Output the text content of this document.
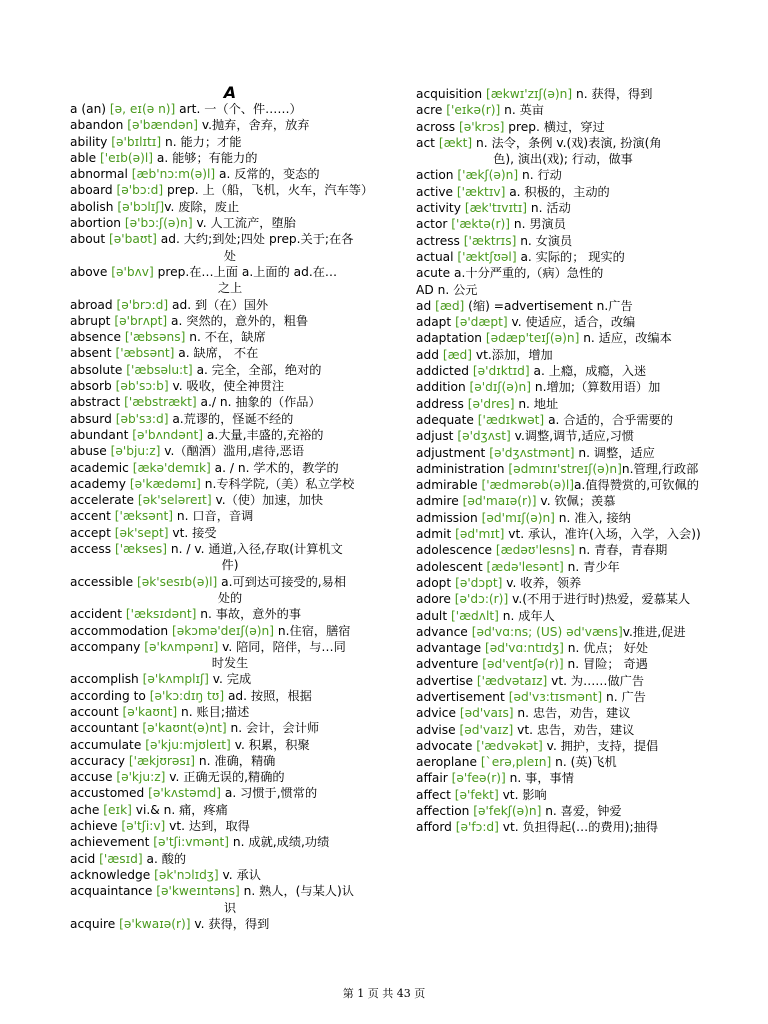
A
a (an) [ə, eɪ(ə n)] art. 一（个、件……）
abandon [ə'bændən] v.抛弃，舍弃，放弃
ability [ə'bɪlɪtɪ] n. 能力；才能
able ['eɪb(ə)l] a. 能够；有能力的
abnormal [æb'nɔ:m(ə)l] a. 反常的，变态的
aboard [ə'bɔ:d] prep. 上（船，飞机，火车，汽车等）
abolish [ə'bɔlɪʃ]v. 废除，废止
abortion [ə'bɔ:ʃ(ə)n] v. 人工流产，堕胎
about [ə'baʊt] ad. 大约;到处;四处 prep.关于;在各
处
above [ə'bʌv] prep.在…上面 a.上面的 ad.在…
之上
abroad [ə'brɔ:d] ad. 到（在）国外
abrupt [ə'brʌpt] a. 突然的，意外的，粗鲁
absence ['æbsəns] n. 不在，缺席
absent ['æbsənt] a. 缺席， 不在
absolute ['æbsəlu:t] a. 完全，全部，绝对的
absorb [əb'sɔ:b] v. 吸收，使全神贯注
abstract ['æbstrækt] a./ n. 抽象的（作品）
absurd [əb'sɜ:d] a.荒谬的，怪诞不经的
abundant [ə'bʌndənt] a.大量,丰盛的,充裕的
abuse [ə'bju:z] v.（酗酒）滥用,虐待,恶语
academic [ækə'demɪk] a. / n. 学术的，教学的
academy [ə'kædəmɪ] n.专科学院,（美）私立学校
accelerate [ək'seləreɪt] v.（使）加速，加快
accent ['æksənt] n. 口音，音调
accept [ək'sept] vt. 接受
access ['ækses] n. / v. 通道,入径,存取(计算机文
件)
accessible [ək'sesɪb(ə)l] a.可到达可接受的,易相
处的
accident ['æksɪdənt] n. 事故，意外的事
accommodation [əkɔmə'deɪʃ(ə)n] n.住宿，膳宿
accompany [ə'kʌmpənɪ] v. 陪同，陪伴，与…同
时发生
accomplish [ə'kʌmplɪʃ] v. 完成
according to [ə'kɔ:dɪŋ tʊ] ad. 按照，根据
account [ə'kaʊnt] n. 账目;描述
accountant [ə'kaʊnt(ə)nt] n. 会计，会计师
accumulate [ə'kju:mjʊleɪt] v. 积累，积聚
accuracy ['ækjʊrəsɪ] n. 准确，精确
accuse [ə'kju:z] v. 正确无误的,精确的
accustomed [ə'kʌstəmd] a. 习惯于,惯常的
ache [eɪk] vi.& n. 痛，疼痛
achieve [ə'tʃi:v] vt. 达到，取得
achievement [ə'tʃi:vmənt] n. 成就,成绩,功绩
acid ['æsɪd] a. 酸的
acknowledge [ək'nɔlɪdʒ] v. 承认
acquaintance [ə'kweɪntəns] n. 熟人，(与某人)认
识
acquire [ə'kwaɪə(r)] v. 获得，得到
acquisition [ækwɪ'zɪʃ(ə)n] n. 获得，得到
acre ['eɪkə(r)] n. 英亩
across [ə'krɔs] prep. 横过，穿过
act [ækt] n. 法令，条例 v.(戏)表演, 扮演(角
色), 演出(戏); 行动，做事
action ['ækʃ(ə)n] n. 行动
active ['æktɪv] a. 积极的，主动的
activity [æk'tɪvɪtɪ] n. 活动
actor ['æktə(r)] n. 男演员
actress ['æktrɪs] n. 女演员
actual ['æktʃʊəl] a. 实际的； 现实的
acute a.十分严重的,（病）急性的
AD n. 公元
ad [æd] (缩) =advertisement n.广告
adapt [ə'dæpt] v. 使适应，适合，改编
adaptation [ədæp'teɪʃ(ə)n] n. 适应，改编本
add [æd] vt.添加，增加
addicted [ə'dɪktɪd] a. 上瘾，成瘾，入迷
addition [ə'dɪʃ(ə)n] n.增加;（算数用语）加
address [ə'dres] n. 地址
adequate ['ædɪkwət] a. 合适的，合乎需要的
adjust [ə'dʒʌst] v.调整,调节,适应,习惯
adjustment [ə'dʒʌstmənt] n. 调整，适应
administration [ədmɪnɪ'streɪʃ(ə)n]n.管理,行政部
admirable ['ædmərəb(ə)l]a.值得赞赏的,可钦佩的
admire [əd'maɪə(r)] v. 钦佩；羡慕
admission [əd'mɪʃ(ə)n] n. 准入, 接纳
admit [əd'mɪt] vt. 承认，准许(入场，入学，入会))
adolescence [ædəʊ'lesns] n. 青春，青春期
adolescent [ædə'lesənt] n. 青少年
adopt [ə'dɔpt] v. 收养，领养
adore [ə'dɔ:(r)] v.(不用于进行时)热爱，爱慕某人
adult ['ædʌlt] n. 成年人
advance [əd'vɑ:ns; (US) əd'væns]v.推进,促进
advantage [əd'vɑ:ntɪdʒ] n. 优点； 好处
adventure [əd'ventʃə(r)] n. 冒险； 奇遇
advertise ['ædvətaɪz] vt. 为……做广告
advertisement [əd'vɜ:tɪsmənt] n. 广告
advice [əd'vaɪs] n. 忠告，劝告，建议
advise [əd'vaɪz] vt. 忠告，劝告，建议
advocate ['ædvəkət] v. 拥护，支持，提倡
aeroplane [`erə,pleɪn] n. (英)飞机
affair [ə'feə(r)] n. 事，事情
affect [ə'fekt] vt. 影响
affection [ə'fekʃ(ə)n] n. 喜爱，钟爱
afford [ə'fɔ:d] vt. 负担得起(…的费用);抽得
第 1 页 共 43 页
